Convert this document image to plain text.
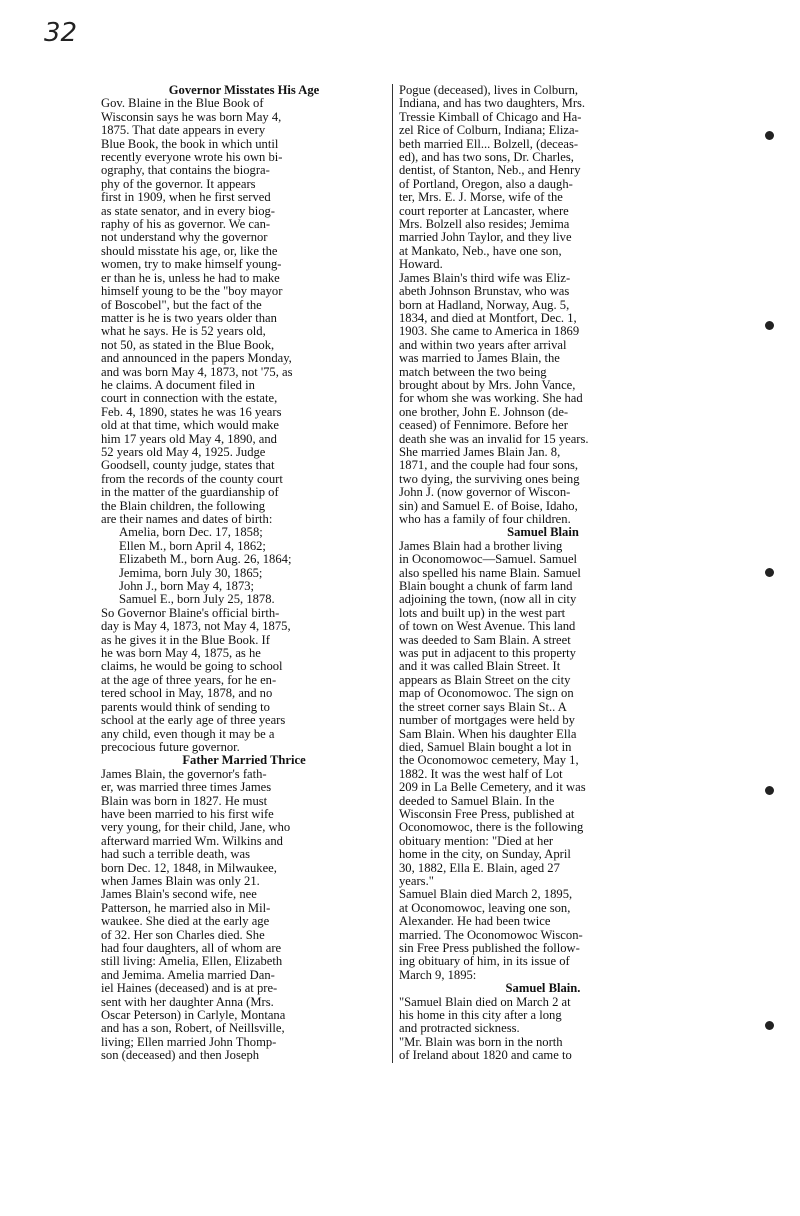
32
Governor Misstates His Age
Gov. Blaine in the Blue Book of
Wisconsin says he was born May 4,
1875. That date appears in every
Blue Book, the book in which until
recently everyone wrote his own bi-
ography, that contains the biogra-
phy of the governor. It appears
first in 1909, when he first served
as state senator, and in every biog-
raphy of his as governor. We can-
not understand why the governor
should misstate his age, or, like the
women, try to make himself young-
er than he is, unless he had to make
himself young to be the "boy mayor
of Boscobel", but the fact of the
matter is he is two years older than
what he says. He is 52 years old,
not 50, as stated in the Blue Book,
and announced in the papers Monday,
and was born May 4, 1873, not '75, as
he claims. A document filed in
court in connection with the estate,
Feb. 4, 1890, states he was 16 years
old at that time, which would make
him 17 years old May 4, 1890, and
52 years old May 4, 1925. Judge
Goodsell, county judge, states that
from the records of the county court
in the matter of the guardianship of
the Blain children, the following
are their names and dates of birth:
Amelia, born Dec. 17, 1858;
Ellen M., born April 4, 1862;
Elizabeth M., born Aug. 26, 1864;
Jemima, born July 30, 1865;
John J., born May 4, 1873;
Samuel E., born July 25, 1878.
So Governor Blaine's official birth-
day is May 4, 1873, not May 4, 1875,
as he gives it in the Blue Book. If
he was born May 4, 1875, as he
claims, he would be going to school
at the age of three years, for he en-
tered school in May, 1878, and no
parents would think of sending to
school at the early age of three years
any child, even though it may be a
precocious future governor.
Father Married Thrice
James Blain, the governor's fath-
er, was married three times James
Blain was born in 1827. He must
have been married to his first wife
very young, for their child, Jane, who
afterward married Wm. Wilkins and
had such a terrible death, was
born Dec. 12, 1848, in Milwaukee,
when James Blain was only 21.
James Blain's second wife, nee
Patterson, he married also in Mil-
waukee. She died at the early age
of 32. Her son Charles died. She
had four daughters, all of whom are
still living: Amelia, Ellen, Elizabeth
and Jemima. Amelia married Dan-
iel Haines (deceased) and is at pre-
sent with her daughter Anna (Mrs.
Oscar Peterson) in Carlyle, Montana
and has a son, Robert, of Neillsville,
living; Ellen married John Thomp-
son (deceased) and then Joseph
Pogue (deceased), lives in Colburn,
Indiana, and has two daughters, Mrs.
Tressie Kimball of Chicago and Ha-
zel Rice of Colburn, Indiana; Eliza-
beth married Ell... Bolzell, (deceas-
ed), and has two sons, Dr. Charles,
dentist, of Stanton, Neb., and Henry
of Portland, Oregon, also a daugh-
ter, Mrs. E. J. Morse, wife of the
court reporter at Lancaster, where
Mrs. Bolzell also resides; Jemima
married John Taylor, and they live
at Mankato, Neb., have one son,
Howard.
James Blain's third wife was Eliz-
abeth Johnson Brunstav, who was
born at Hadland, Norway, Aug. 5,
1834, and died at Montfort, Dec. 1,
1903. She came to America in 1869
and within two years after arrival
was married to James Blain, the
match between the two being
brought about by Mrs. John Vance,
for whom she was working. She had
one brother, John E. Johnson (de-
ceased) of Fennimore. Before her
death she was an invalid for 15 years.
She married James Blain Jan. 8,
1871, and the couple had four sons,
two dying, the surviving ones being
John J. (now governor of Wiscon-
sin) and Samuel E. of Boise, Idaho,
who has a family of four children.
Samuel Blain
James Blain had a brother living
in Oconomowoc—Samuel. Samuel
also spelled his name Blain. Samuel
Blain bought a chunk of farm land
adjoining the town, (now all in city
lots and built up) in the west part
of town on West Avenue. This land
was deeded to Sam Blain. A street
was put in adjacent to this property
and it was called Blain Street. It
appears as Blain Street on the city
map of Oconomowoc. The sign on
the street corner says Blain St.. A
number of mortgages were held by
Sam Blain. When his daughter Ella
died, Samuel Blain bought a lot in
the Oconomowoc cemetery, May 1,
1882. It was the west half of Lot
209 in La Belle Cemetery, and it was
deeded to Samuel Blain. In the
Wisconsin Free Press, published at
Oconomowoc, there is the following
obituary mention: "Died at her
home in the city, on Sunday, April
30, 1882, Ella E. Blain, aged 27
years."
Samuel Blain died March 2, 1895,
at Oconomowoc, leaving one son,
Alexander. He had been twice
married. The Oconomowoc Wiscon-
sin Free Press published the follow-
ing obituary of him, in its issue of
March 9, 1895:
Samuel Blain.
"Samuel Blain died on March 2 at
his home in this city after a long
and protracted sickness.
"Mr. Blain was born in the north
of Ireland about 1820 and came to
